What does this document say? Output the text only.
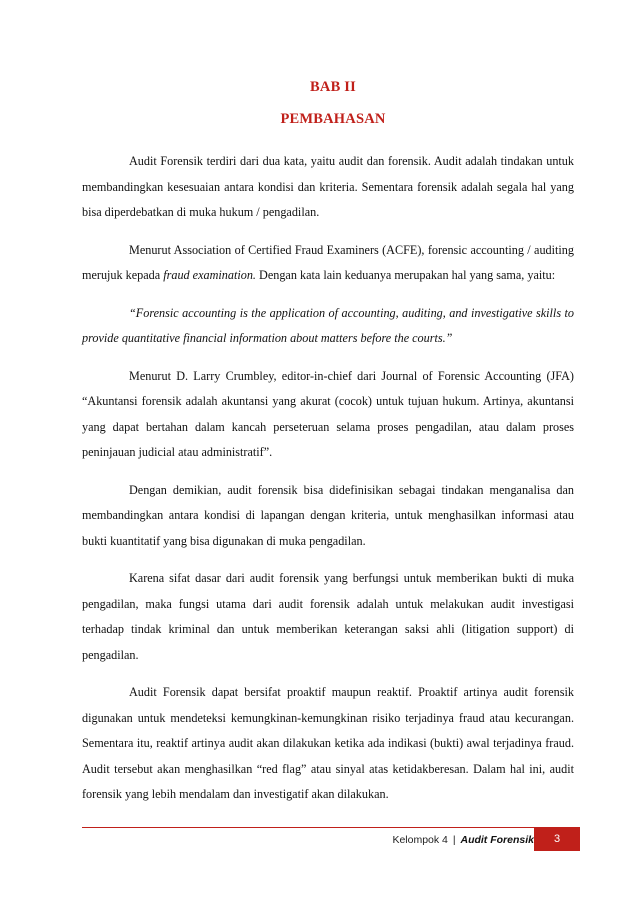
BAB II
PEMBAHASAN

Audit Forensik terdiri dari dua kata, yaitu audit dan forensik. Audit adalah tindakan untuk membandingkan kesesuaian antara kondisi dan kriteria. Sementara forensik adalah segala hal yang bisa diperdebatkan di muka hukum / pengadilan.

Menurut Association of Certified Fraud Examiners (ACFE), forensic accounting / auditing merujuk kepada fraud examination. Dengan kata lain keduanya merupakan hal yang sama, yaitu:

“Forensic accounting is the application of accounting, auditing, and investigative skills to provide quantitative financial information about matters before the courts.”

Menurut D. Larry Crumbley, editor-in-chief dari Journal of Forensic Accounting (JFA) “Akuntansi forensik adalah akuntansi yang akurat (cocok) untuk tujuan hukum. Artinya, akuntansi yang dapat bertahan dalam kancah perseteruan selama proses pengadilan, atau dalam proses peninjauan judicial atau administratif”.

Dengan demikian, audit forensik bisa didefinisikan sebagai tindakan menganalisa dan membandingkan antara kondisi di lapangan dengan kriteria, untuk menghasilkan informasi atau bukti kuantitatif yang bisa digunakan di muka pengadilan.

Karena sifat dasar dari audit forensik yang berfungsi untuk memberikan bukti di muka pengadilan, maka fungsi utama dari audit forensik adalah untuk melakukan audit investigasi terhadap tindak kriminal dan untuk memberikan keterangan saksi ahli (litigation support) di pengadilan.

Audit Forensik dapat bersifat proaktif maupun reaktif. Proaktif artinya audit forensik digunakan untuk mendeteksi kemungkinan-kemungkinan risiko terjadinya fraud atau kecurangan. Sementara itu, reaktif artinya audit akan dilakukan ketika ada indikasi (bukti) awal terjadinya fraud. Audit tersebut akan menghasilkan “red flag” atau sinyal atas ketidakberesan. Dalam hal ini, audit forensik yang lebih mendalam dan investigatif akan dilakukan.

Kelompok 4 | Audit Forensik	3
